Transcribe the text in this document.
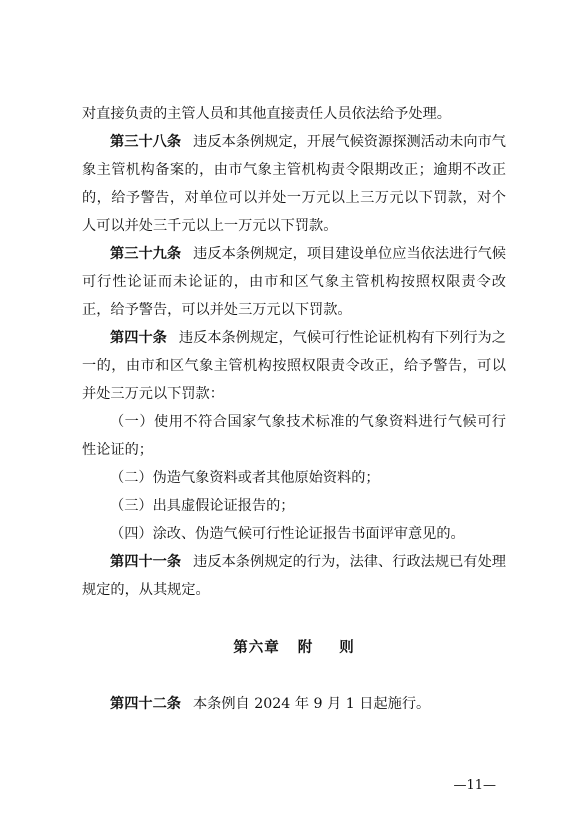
对直接负责的主管人员和其他直接责任人员依法给予处理。

第三十八条 违反本条例规定，开展气候资源探测活动未向市气象主管机构备案的，由市气象主管机构责令限期改正；逾期不改正的，给予警告，对单位可以并处一万元以上三万元以下罚款，对个人可以并处三千元以上一万元以下罚款。

第三十九条 违反本条例规定，项目建设单位应当依法进行气候可行性论证而未论证的，由市和区气象主管机构按照权限责令改正，给予警告，可以并处三万元以下罚款。

第四十条 违反本条例规定，气候可行性论证机构有下列行为之一的，由市和区气象主管机构按照权限责令改正，给予警告，可以并处三万元以下罚款：

（一）使用不符合国家气象技术标准的气象资料进行气候可行性论证的；

（二）伪造气象资料或者其他原始资料的；

（三）出具虚假论证报告的；

（四）涂改、伪造气候可行性论证报告书面评审意见的。

第四十一条 违反本条例规定的行为，法律、行政法规已有处理规定的，从其规定。

第六章 附 则

第四十二条 本条例自 2024 年 9 月 1 日起施行。

—11—
